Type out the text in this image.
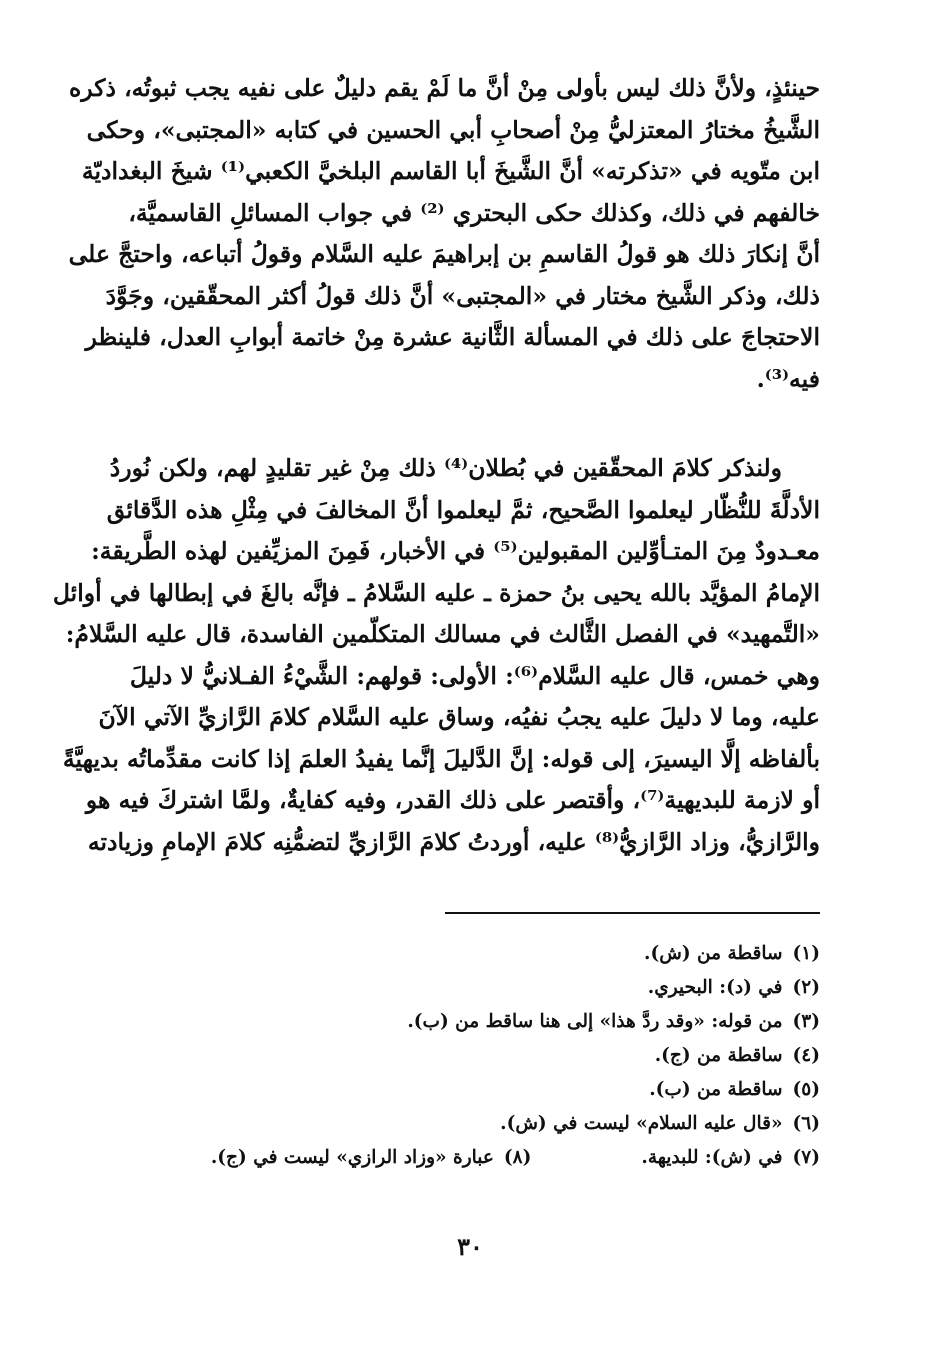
حينئذٍ، ولأنَّ ذلك ليس بأولى مِنْ أنَّ ما لَمْ يقم دليلٌ على نفيه يجب ثبوتُه، ذكره
الشَّيخُ مختارُ المعتزليُّ مِنْ أصحابِ أبي الحسين في كتابه «المجتبى»، وحكى
ابن متّويه في «تذكرته» أنَّ الشَّيخَ أبا القاسم البلخيَّ الكعبي⁽¹⁾ شيخَ البغداديّة
خالفهم في ذلك، وكذلك حكى البحتري ⁽²⁾ في جواب المسائلِ القاسميَّة،
أنَّ إنكارَ ذلك هو قولُ القاسمِ بن إبراهيمَ عليه السَّلام وقولُ أتباعه، واحتجَّ على
ذلك، وذكر الشَّيخ مختار في «المجتبى» أنَّ ذلك قولُ أكثر المحقّقين، وجَوَّدَ
الاحتجاجَ على ذلك في المسألة الثَّانية عشرة مِنْ خاتمة أبوابِ العدل، فلينظر
فيه⁽³⁾.
ولنذكر كلامَ المحقّقين في بُطلان⁽⁴⁾ ذلك مِنْ غير تقليدٍ لهم، ولكن نُوردُ
الأدلَّةَ للنُّظّار ليعلموا الصَّحيح، ثمَّ ليعلموا أنَّ المخالفَ في مِثْلِ هذه الدَّقائق
معـدودٌ مِنَ المتـأوِّلين المقبولين⁽⁵⁾ في الأخبار، فَمِنَ المزيِّفين لهذه الطَّريقة:
الإمامُ المؤيَّد بالله يحيى بنُ حمزة ـ عليه السَّلامُ ـ فإنَّه بالغَ في إبطالها في أوائل
«التَّمهيد» في الفصل الثَّالث في مسالك المتكلّمين الفاسدة، قال عليه السَّلامُ:
وهي خمس، قال عليه السَّلام⁽⁶⁾: الأولى: قولهم: الشَّيْءُ الفـلانيُّ لا دليلَ
عليه، وما لا دليلَ عليه يجبُ نفيُه، وساق عليه السَّلام كلامَ الرَّازيِّ الآتي الآنَ
بألفاظه إلَّا اليسيرَ، إلى قوله: إنَّ الدَّليلَ إنَّما يفيدُ العلمَ إذا كانت مقدِّماتُه بديهيَّةً
أو لازمة للبديهية⁽⁷⁾، وأقتصر على ذلك القدر، وفيه كفايةٌ، ولمَّا اشتركَ فيه هو
والرَّازيُّ، وزاد الرَّازيُّ⁽⁸⁾ عليه، أوردتُ كلامَ الرَّازيِّ لتضمُّنِه كلامَ الإمامِ وزيادته
(١)ساقطة من (ش).
(٢)في (د): البحيري.
(٣)من قوله: «وقد ردَّ هذا» إلى هنا ساقط من (ب).
(٤)ساقطة من (ج).
(٥)ساقطة من (ب).
(٦)«قال عليه السلام» ليست في (ش).
(٧)في (ش): للبديهة.
(٨)عبارة «وزاد الرازي» ليست في (ج).
٣٠
